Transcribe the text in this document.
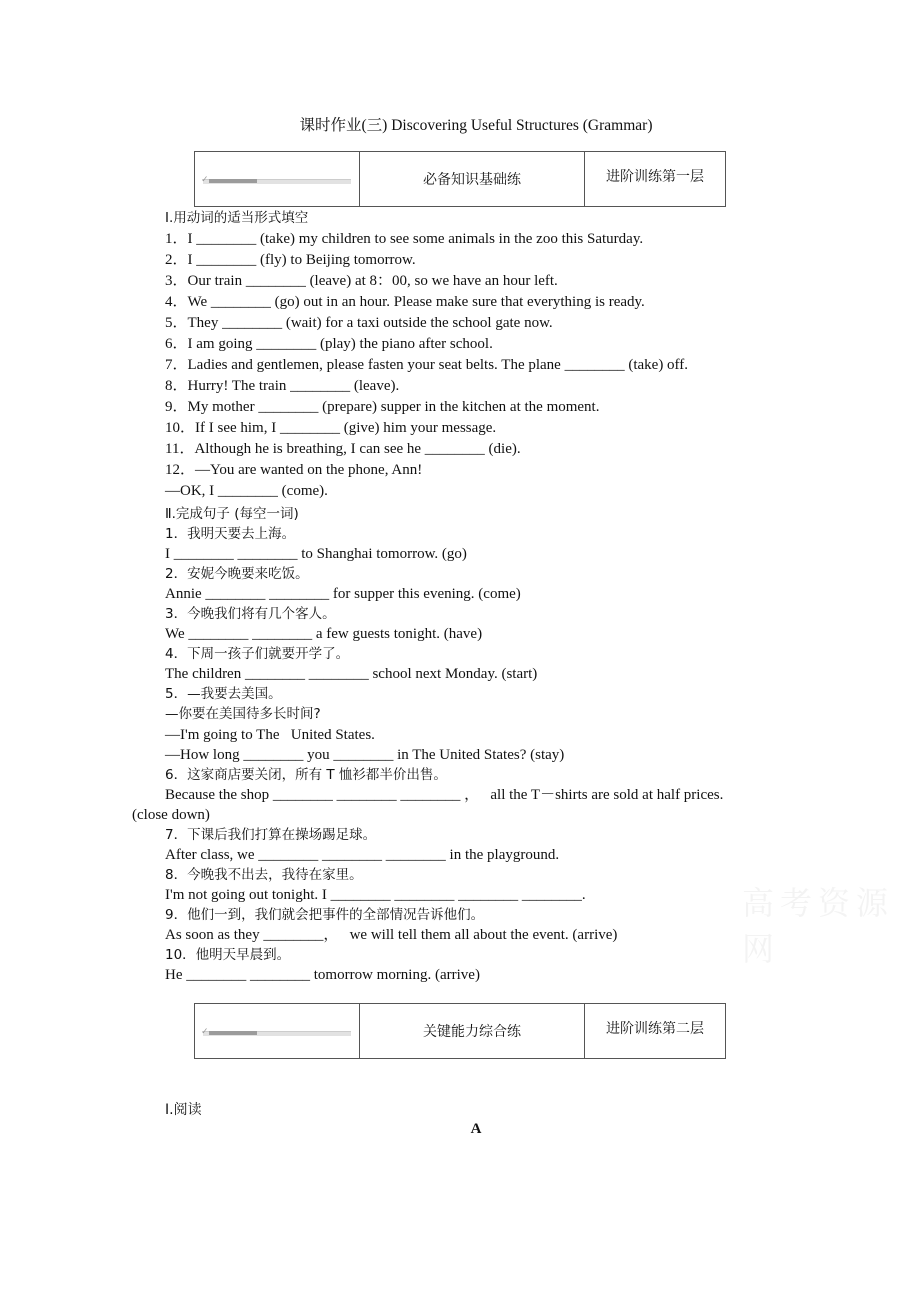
课时作业(三) Discovering Useful Structures (Grammar)
✓	必备知识基础练	进阶训练第一层
Ⅰ.用动词的适当形式填空
1．I ________ (take) my children to see some animals in the zoo this Saturday.
2．I ________ (fly) to Beijing tomorrow.
3．Our train ________ (leave) at 8：00, so we have an hour left.
4．We ________ (go) out in an hour. Please make sure that everything is ready.
5．They ________ (wait) for a taxi outside the school gate now.
6．I am going ________ (play) the piano after school.
7．Ladies and gentlemen, please fasten your seat belts. The plane ________ (take) off.
8．Hurry! The train ________ (leave).
9．My mother ________ (prepare) supper in the kitchen at the moment.
10．If I see him, I ________ (give) him your message.
11．Although he is breathing, I can see he ________ (die).
12．—You are wanted on the phone, Ann!
—OK, I ________ (come).
Ⅱ.完成句子 (每空一词)
1．我明天要去上海。
I ________ ________ to Shanghai tomorrow. (go)
2．安妮今晚要来吃饭。
Annie ________ ________ for supper this evening. (come)
3．今晚我们将有几个客人。
We ________ ________ a few guests tonight. (have)
4．下周一孩子们就要开学了。
The children ________ ________ school next Monday. (start)
5．—我要去美国。
—你要在美国待多长时间?
—I'm going to The   United States.
—How long ________ you ________ in The United States? (stay)
6．这家商店要关闭，所有 T 恤衫都半价出售。
Because the shop ________ ________ ________ ，   all the T－shirts are sold at half prices.
(close down)
7．下课后我们打算在操场踢足球。
After class, we ________ ________ ________ in the playground.
8．今晚我不出去，我待在家里。
I'm not going out tonight. I ________ ________ ________ ________.
9．他们一到，我们就会把事件的全部情况告诉他们。
As soon as they ________，   we will tell them all about the event. (arrive)
10．他明天早晨到。
He ________ ________ tomorrow morning. (arrive)
高考资源网
✓	关键能力综合练	进阶训练第二层
Ⅰ.阅读
A
